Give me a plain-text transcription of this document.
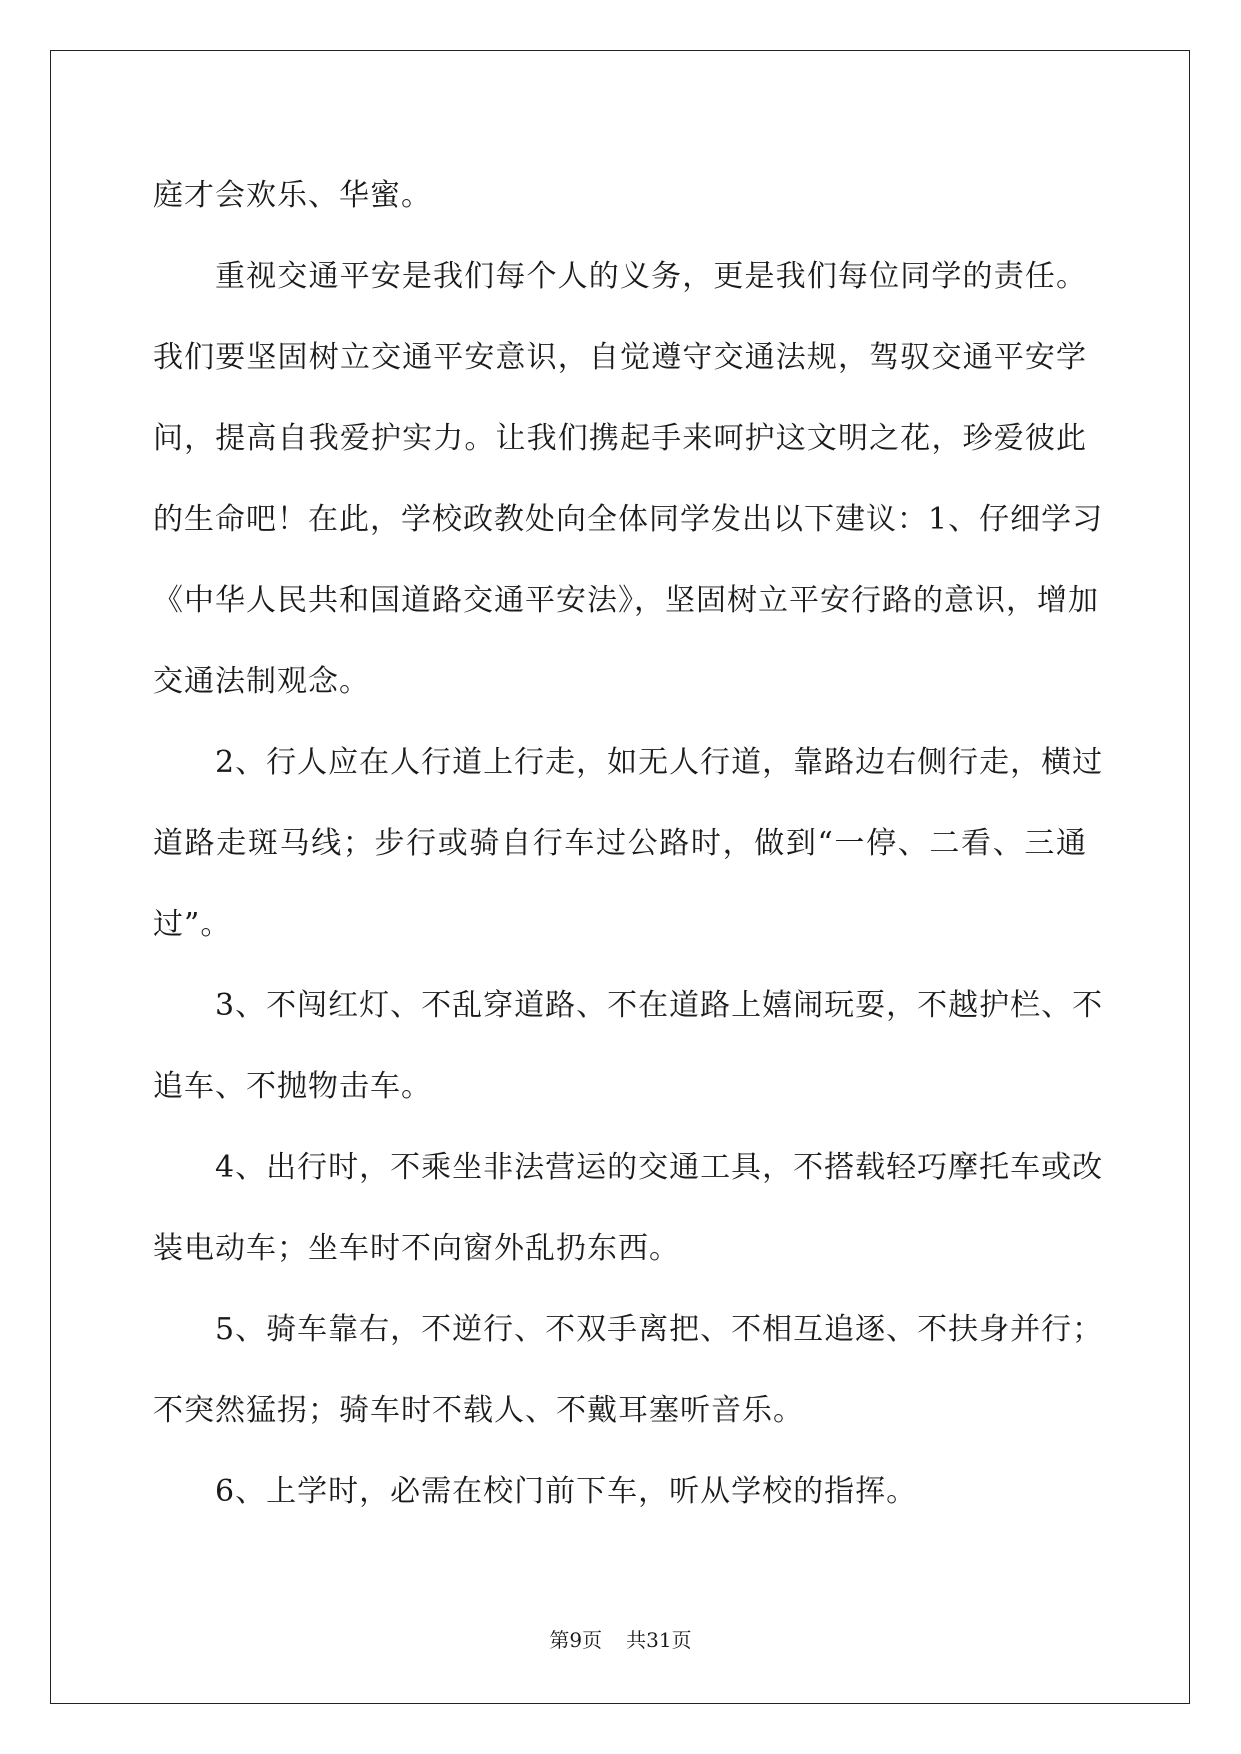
庭才会欢乐、华蜜。
重视交通平安是我们每个人的义务，更是我们每位同学的责任。
我们要坚固树立交通平安意识，自觉遵守交通法规，驾驭交通平安学
问，提高自我爱护实力。让我们携起手来呵护这文明之花，珍爱彼此
的生命吧！在此，学校政教处向全体同学发出以下建议：1、仔细学习
《中华人民共和国道路交通平安法》，坚固树立平安行路的意识，增加
交通法制观念。
2、行人应在人行道上行走，如无人行道，靠路边右侧行走，横过
道路走斑马线；步行或骑自行车过公路时，做到“一停、二看、三通
过”。
3、不闯红灯、不乱穿道路、不在道路上嬉闹玩耍，不越护栏、不
追车、不抛物击车。
4、出行时，不乘坐非法营运的交通工具，不搭载轻巧摩托车或改
装电动车；坐车时不向窗外乱扔东西。
5、骑车靠右，不逆行、不双手离把、不相互追逐、不扶身并行；
不突然猛拐；骑车时不载人、不戴耳塞听音乐。
6、上学时，必需在校门前下车，听从学校的指挥。
第9页 共31页
